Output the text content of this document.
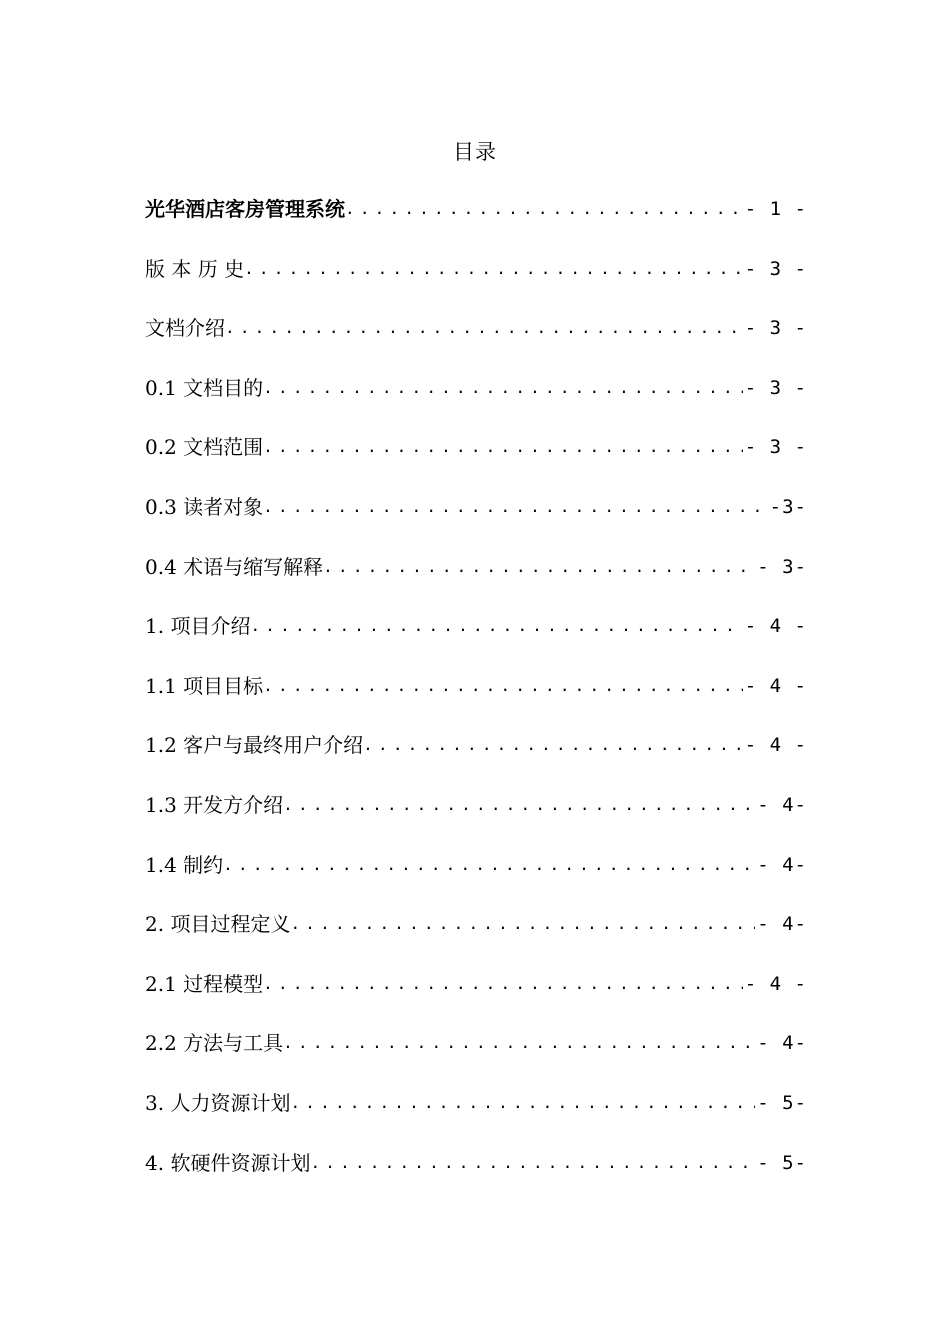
目录
光华酒店客房管理系统 .....	- 1 -
版 本 历 史 .....	- 3 -
文档介绍 .....	- 3 -
0.1 文档目的 .....	- 3 -
0.2 文档范围 .....	- 3 -
0.3 读者对象 .....	-3-
0.4 术语与缩写解释 .....	- 3-
1. 项目介绍 .....	- 4 -
1.1 项目目标 .....	- 4 -
1.2 客户与最终用户介绍 .....	- 4 -
1.3 开发方介绍 .....	- 4-
1.4 制约 .....	- 4-
2. 项目过程定义 .....	- 4-
2.1 过程模型 .....	- 4 -
2.2 方法与工具 .....	- 4-
3. 人力资源计划 .....	- 5-
4. 软硬件资源计划 .....	- 5-
